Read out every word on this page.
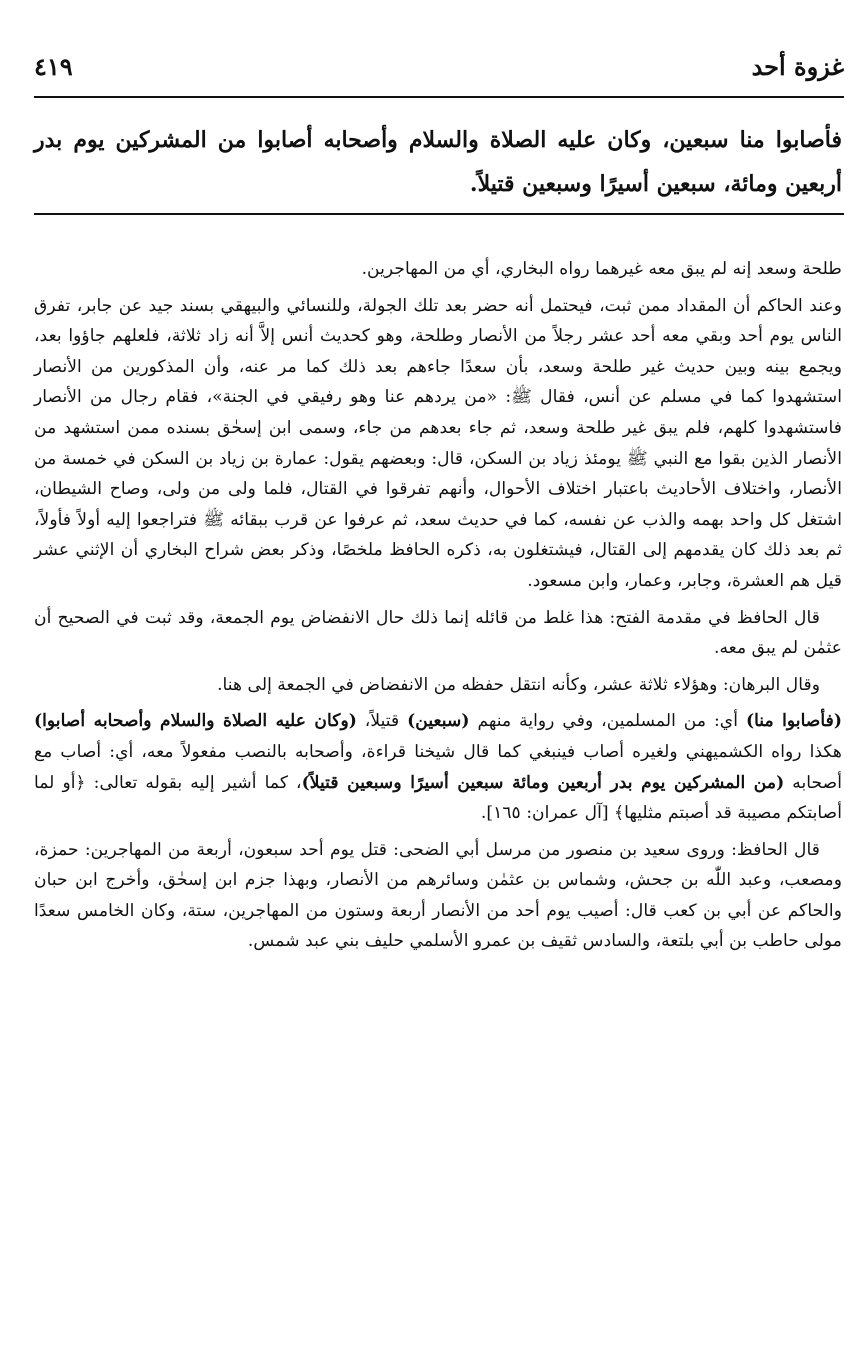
غزوة أحد
٤١٩
فأصابوا منا سبعين، وكان عليه الصلاة والسلام وأصحابه أصابوا من المشركين يوم بدر أربعين ومائة، سبعين أسيرًا وسبعين قتيلاً.

طلحة وسعد إنه لم يبق معه غيرهما رواه البخاري، أي من المهاجرين.

وعند الحاكم أن المقداد ممن ثبت، فيحتمل أنه حضر بعد تلك الجولة، وللنسائي والبيهقي بسند جيد عن جابر، تفرق الناس يوم أحد وبقي معه أحد عشر رجلاً من الأنصار وطلحة، وهو كحديث أنس إلاَّ أنه زاد ثلاثة، فلعلهم جاؤوا بعد، ويجمع بينه وبين حديث غير طلحة وسعد، بأن سعدًا جاءهم بعد ذلك كما مر عنه، وأن المذكورين من الأنصار استشهدوا كما في مسلم عن أنس، فقال ﷺ: «من يردهم عنا وهو رفيقي في الجنة»، فقام رجال من الأنصار فاستشهدوا كلهم، فلم يبق غير طلحة وسعد، ثم جاء بعدهم من جاء، وسمى ابن إسحٰق بسنده ممن استشهد من الأنصار الذين بقوا مع النبي ﷺ يومئذ زياد بن السكن، قال: وبعضهم يقول: عمارة بن زياد بن السكن في خمسة من الأنصار، واختلاف الأحاديث باعتبار اختلاف الأحوال، وأنهم تفرقوا في القتال، فلما ولى من ولى، وصاح الشيطان، اشتغل كل واحد بهمه والذب عن نفسه، كما في حديث سعد، ثم عرفوا عن قرب ببقائه ﷺ فتراجعوا إليه أولاً فأولاً، ثم بعد ذلك كان يقدمهم إلى القتال، فيشتغلون به، ذكره الحافظ ملخصًا، وذكر بعض شراح البخاري أن الإثني عشر قيل هم العشرة، وجابر، وعمار، وابن مسعود.

قال الحافظ في مقدمة الفتح: هذا غلط من قائله إنما ذلك حال الانفضاض يوم الجمعة، وقد ثبت في الصحيح أن عثمٰن لم يبق معه.

وقال البرهان: وهؤلاء ثلاثة عشر، وكأنه انتقل حفظه من الانفضاض في الجمعة إلى هنا.

(فأصابوا منا) أي: من المسلمين، وفي رواية منهم (سبعين) قتيلاً، (وكان عليه الصلاة والسلام وأصحابه أصابوا) هكذا رواه الكشميهني ولغيره أصاب فينبغي كما قال شيخنا قراءة، وأصحابه بالنصب مفعولاً معه، أي: أصاب مع أصحابه (من المشركين يوم بدر أربعين ومائة سبعين أسيرًا وسبعين قتيلاً)، كما أشير إليه بقوله تعالى: ﴿أو لما أصابتكم مصيبة قد أصبتم مثليها﴾ [آل عمران: ١٦٥].

قال الحافظ: وروى سعيد بن منصور من مرسل أبي الضحى: قتل يوم أحد سبعون، أربعة من المهاجرين: حمزة، ومصعب، وعبد اللّٰه بن جحش، وشماس بن عثمٰن وسائرهم من الأنصار، وبهذا جزم ابن إسحٰق، وأخرج ابن حبان والحاكم عن أبي بن كعب قال: أصيب يوم أحد من الأنصار أربعة وستون من المهاجرين، ستة، وكان الخامس سعدًا مولى حاطب بن أبي بلتعة، والسادس ثقيف بن عمرو الأسلمي حليف بني عبد شمس.
